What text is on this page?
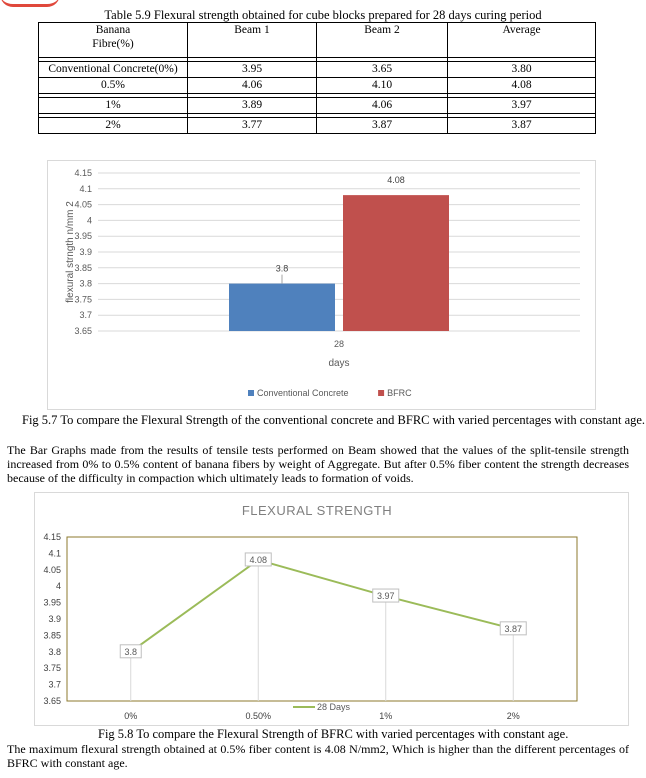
Table 5.9 Flexural strength obtained for cube blocks prepared for 28 days curing period
Banana
Fibre(%)	Beam 1	Beam 2	Average

Conventional Concrete(0%)	3.95	3.65	3.80
0.5%	4.06	4.10	4.08

1%	3.89	4.06	3.97

2%	3.77	3.87	3.87
3.65
3.7
3.75
3.8
3.85
3.9
3.95
4
4.05
4.1
4.15
flexural strngth n/mm 2	3.8
4.08
28
days
Conventional Concrete	BFRC
Fig 5.7 To compare the Flexural Strength of the conventional concrete and BFRC with varied percentages with constant age.
The Bar Graphs made from the results of tensile tests performed on Beam showed that the values of the split-tensile strength increased from 0% to 0.5% content of banana fibers by weight of Aggregate. But after 0.5% fiber content the strength decreases because of the difficulty in compaction which ultimately leads to formation of voids.
FLEXURAL STRENGTH
3.65
3.7
3.75
3.8
3.85
3.9
3.95
4
4.05
4.1
4.15
3.8
4.08
3.97
3.87
0%	0.50%	1%	2%
28 Days
Fig 5.8 To compare the Flexural Strength of BFRC with varied percentages with constant age.
The maximum flexural strength obtained at 0.5% fiber content is 4.08 N/mm2, Which is higher than the different percentages of BFRC with constant age.
